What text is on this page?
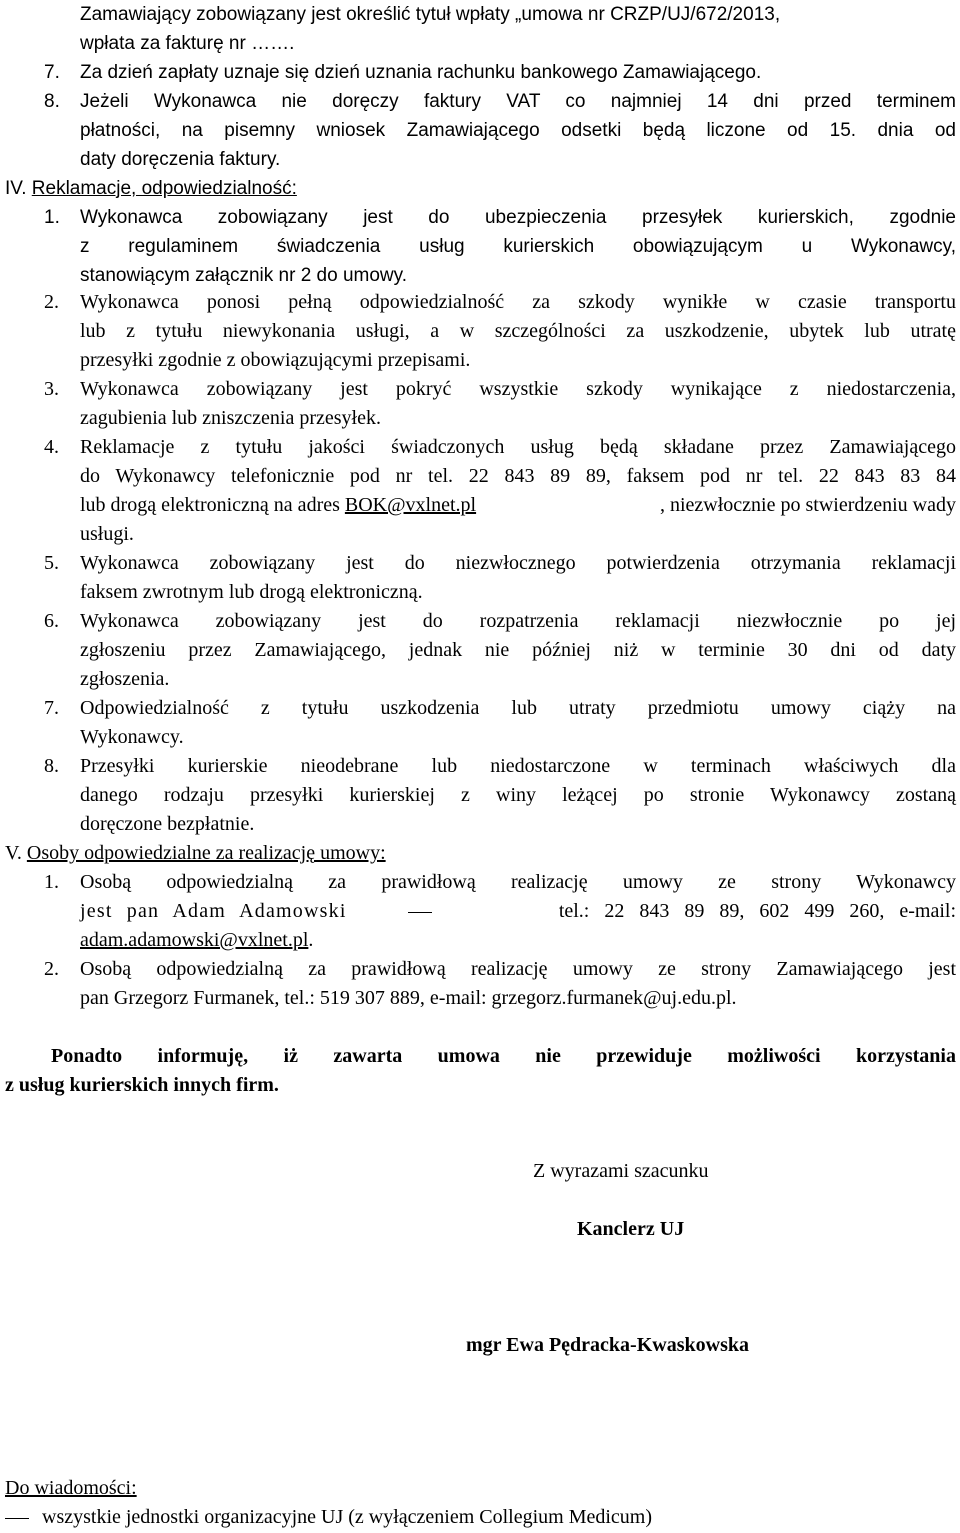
Zamawiający zobowiązany jest określić tytuł wpłaty „umowa nr CRZP/UJ/672/2013,
wpłata za fakturę nr …….
7. Za dzień zapłaty uznaje się dzień uznania rachunku bankowego Zamawiającego.
8. Jeżeli Wykonawca nie doręczy faktury VAT co najmniej 14 dni przed terminem
płatności, na pisemny wniosek Zamawiającego odsetki będą liczone od 15. dnia od
daty doręczenia faktury.
IV. Reklamacje, odpowiedzialność:
1. Wykonawca zobowiązany jest do ubezpieczenia przesyłek kurierskich, zgodnie
z regulaminem świadczenia usług kurierskich obowiązującym u Wykonawcy,
stanowiącym załącznik nr 2 do umowy.
2. Wykonawca ponosi pełną odpowiedzialność za szkody wynikłe w czasie transportu
lub z tytułu niewykonania usługi, a w szczególności za uszkodzenie, ubytek lub utratę
przesyłki zgodnie z obowiązującymi przepisami.
3. Wykonawca zobowiązany jest pokryć wszystkie szkody wynikające z niedostarczenia,
zagubienia lub zniszczenia przesyłek.
4. Reklamacje z tytułu jakości świadczonych usług będą składane przez Zamawiającego
do Wykonawcy telefonicznie pod nr tel. 22 843 89 89, faksem pod nr tel. 22 843 83 84
lub drogą elektroniczną na adres BOK@vxlnet.pl	, niezwłocznie po stwierdzeniu wady
usługi.
5. Wykonawca zobowiązany jest do niezwłocznego potwierdzenia otrzymania reklamacji
faksem zwrotnym lub drogą elektroniczną.
6. Wykonawca zobowiązany jest do rozpatrzenia reklamacji niezwłocznie po jej
zgłoszeniu przez Zamawiającego, jednak nie później niż w terminie 30 dni od daty
zgłoszenia.
7. Odpowiedzialność z tytułu uszkodzenia lub utraty przedmiotu umowy ciąży na
Wykonawcy.
8. Przesyłki kurierskie nieodebrane lub niedostarczone w terminach właściwych dla
danego rodzaju przesyłki kurierskiej z winy leżącej po stronie Wykonawcy zostaną
doręczone bezpłatnie.
V. Osoby odpowiedzialne za realizację umowy:
1. Osobą odpowiedzialną za prawidłową realizację umowy ze strony Wykonawcy
jest pan Adam Adamowski	tel.: 22 843 89 89, 602 499 260, e-mail:
adam.adamowski@vxlnet.pl.
2. Osobą odpowiedzialną za prawidłową realizację umowy ze strony Zamawiającego jest
pan Grzegorz Furmanek, tel.: 519 307 889, e-mail: grzegorz.furmanek@uj.edu.pl.
Ponadto informuję, iż zawarta umowa nie przewiduje możliwości korzystania
z usług kurierskich innych firm.
Z wyrazami szacunku
Kanclerz UJ
mgr Ewa Pędracka-Kwaskowska
Do wiadomości:
wszystkie jednostki organizacyjne UJ (z wyłączeniem Collegium Medicum)
